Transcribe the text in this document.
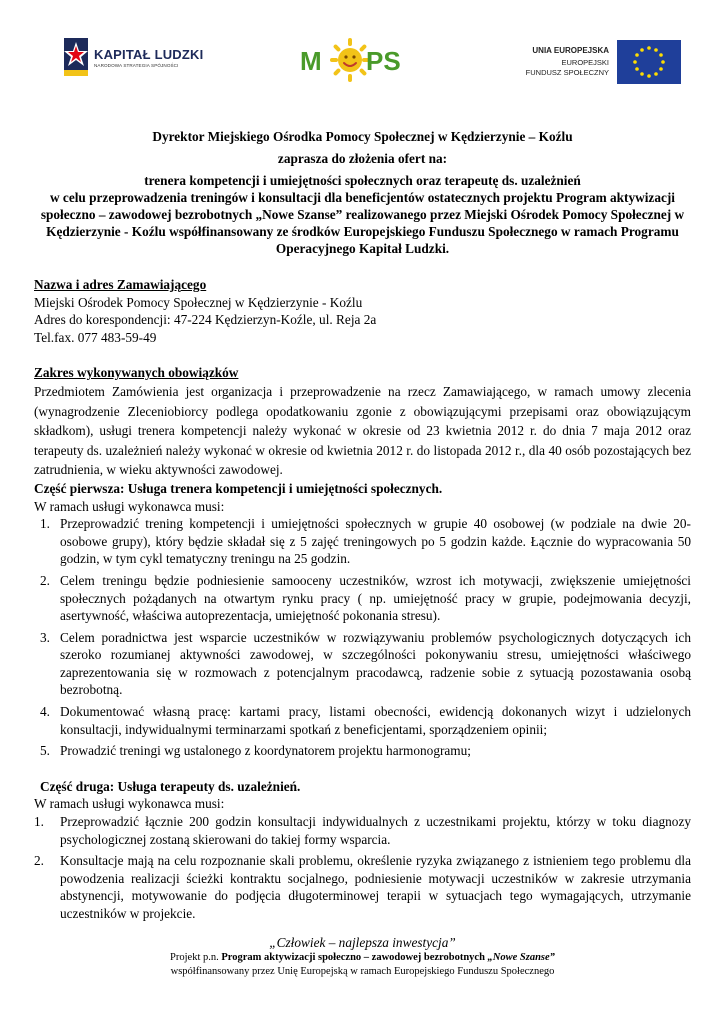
KAPITAŁ LUDZKI
NARODOWA STRATEGIA SPÓJNOŚCI	M PS	UNIA EUROPEJSKA
EUROPEJSKI
FUNDUSZ SPOŁECZNY

Dyrektor Miejskiego Ośrodka Pomocy Społecznej w Kędzierzynie – Koźlu

zaprasza do złożenia ofert na:

trenera kompetencji i umiejętności społecznych oraz terapeutę ds. uzależnień

w celu przeprowadzenia treningów i konsultacji dla beneficjentów ostatecznych projektu Program aktywizacji społeczno – zawodowej bezrobotnych „Nowe Szanse” realizowanego przez Miejski Ośrodek Pomocy Społecznej w Kędzierzynie - Koźlu współfinansowany ze środków Europejskiego Funduszu Społecznego w ramach Programu Operacyjnego Kapitał Ludzki.

Nazwa i adres Zamawiającego

Miejski Ośrodek Pomocy Społecznej w Kędzierzynie - Koźlu

Adres do korespondencji: 47-224 Kędzierzyn-Koźle, ul. Reja 2a

Tel.fax. 077 483-59-49

Zakres wykonywanych obowiązków

Przedmiotem Zamówienia jest organizacja i przeprowadzenie na rzecz Zamawiającego, w ramach umowy zlecenia (wynagrodzenie Zleceniobiorcy podlega opodatkowaniu zgonie z obowiązującymi przepisami oraz obowiązującym składkom), usługi trenera kompetencji należy wykonać w okresie od 23 kwietnia 2012 r. do dnia 7 maja 2012 oraz terapeuty ds. uzależnień należy wykonać w okresie od kwietnia 2012 r. do listopada 2012 r., dla 40 osób pozostających bez zatrudnienia, w wieku aktywności zawodowej.

Część pierwsza: Usługa trenera kompetencji i umiejętności społecznych.

W ramach usługi wykonawca musi:

1. Przeprowadzić trening kompetencji i umiejętności społecznych w grupie 40 osobowej (w podziale na dwie 20-osobowe grupy), który będzie składał się z 5 zajęć treningowych po 5 godzin każde. Łącznie do wypracowania 50 godzin, w tym cykl tematyczny treningu na 25 godzin.
2. Celem treningu będzie podniesienie samooceny uczestników, wzrost ich motywacji, zwiększenie umiejętności społecznych pożądanych na otwartym rynku pracy ( np. umiejętność pracy w grupie, podejmowania decyzji, asertywność, właściwa autoprezentacja, umiejętność pokonania stresu).
3. Celem poradnictwa jest wsparcie uczestników w rozwiązywaniu problemów psychologicznych dotyczących ich szeroko rozumianej aktywności zawodowej, w szczególności pokonywaniu stresu, umiejętności właściwego zaprezentowania się w rozmowach z potencjalnym pracodawcą, radzenie sobie z sytuacją pozostawania osobą bezrobotną.
4. Dokumentować własną pracę: kartami pracy, listami obecności, ewidencją dokonanych wizyt i udzielonych konsultacji, indywidualnymi terminarzami spotkań z beneficjentami, sporządzeniem opinii;
5. Prowadzić treningi wg ustalonego z koordynatorem projektu harmonogramu;

Część druga: Usługa terapeuty ds. uzależnień.

W ramach usługi wykonawca musi:

1. Przeprowadzić łącznie 200 godzin konsultacji indywidualnych z uczestnikami projektu, którzy w toku diagnozy psychologicznej zostaną skierowani do takiej formy wsparcia.
2. Konsultacje mają na celu rozpoznanie skali problemu, określenie ryzyka związanego z istnieniem tego problemu dla powodzenia realizacji ścieżki kontraktu socjalnego, podniesienie motywacji uczestników w zakresie utrzymania abstynencji, motywowanie do podjęcia długoterminowej terapii w sytuacjach tego wymagających, utrzymanie uczestników w projekcie.
„Człowiek – najlepsza inwestycja”
Projekt p.n. Program aktywizacji społeczno – zawodowej bezrobotnych „Nowe Szanse”
współfinansowany przez Unię Europejską w ramach Europejskiego Funduszu Społecznego
